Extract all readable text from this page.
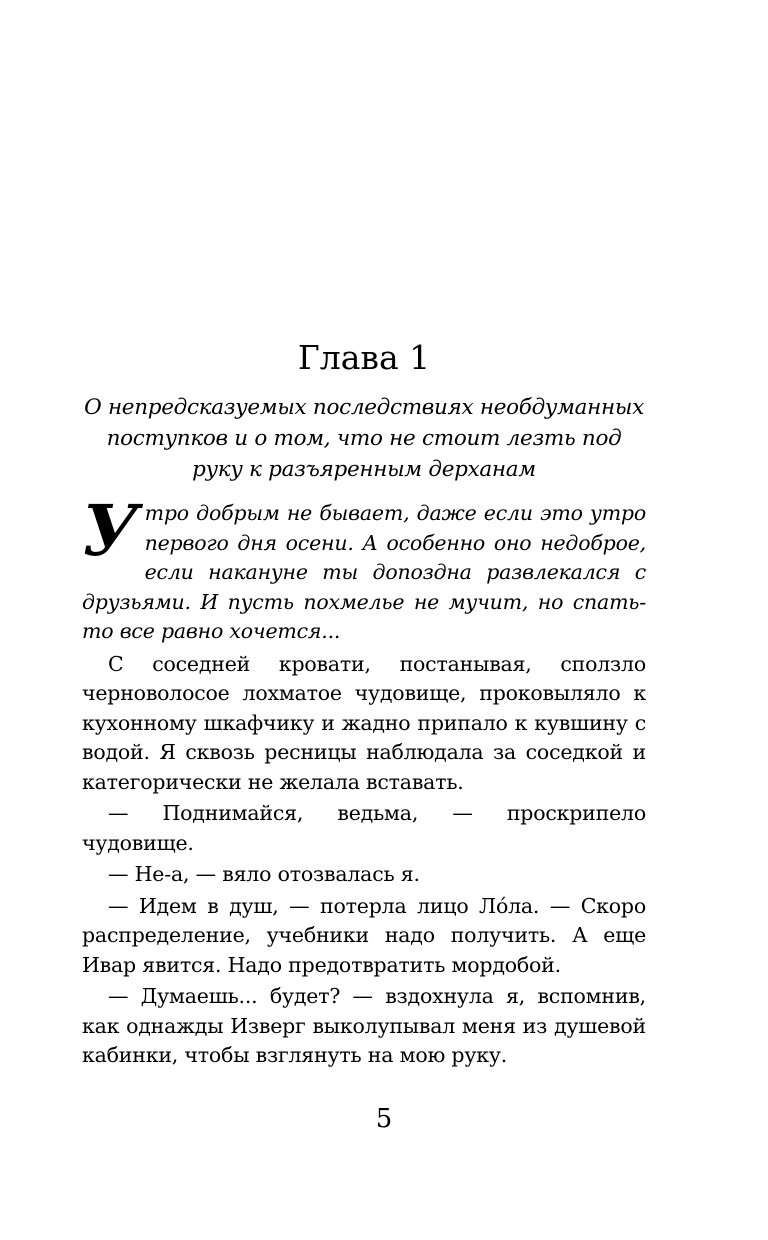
Глава 1

О непредсказуемых последствиях необдуманных поступков и о том, что не стоит лезть под руку к разъяренным дерханам

Утро добрым не бывает, даже если это утро первого дня осени. А особенно оно недоброе, если накануне ты допоздна развлекался с друзьями. И пусть похмелье не мучит, но спать-то все равно хочется...

С соседней кровати, постанывая, сползло черноволосое лохматое чудовище, проковыляло к кухонному шкафчику и жадно припало к кувшину с водой. Я сквозь ресницы наблюдала за соседкой и категорически не желала вставать.

— Поднимайся, ведьма, — проскрипело чудовище.

— Не-а, — вяло отозвалась я.

— Идем в душ, — потерла лицо Ло́ла. — Скоро распределение, учебники надо получить. А еще Ивар явится. Надо предотвратить мордобой.

— Думаешь... будет? — вздохнула я, вспомнив, как однажды Изверг выколупывал меня из душевой кабинки, чтобы взглянуть на мою руку.

5
